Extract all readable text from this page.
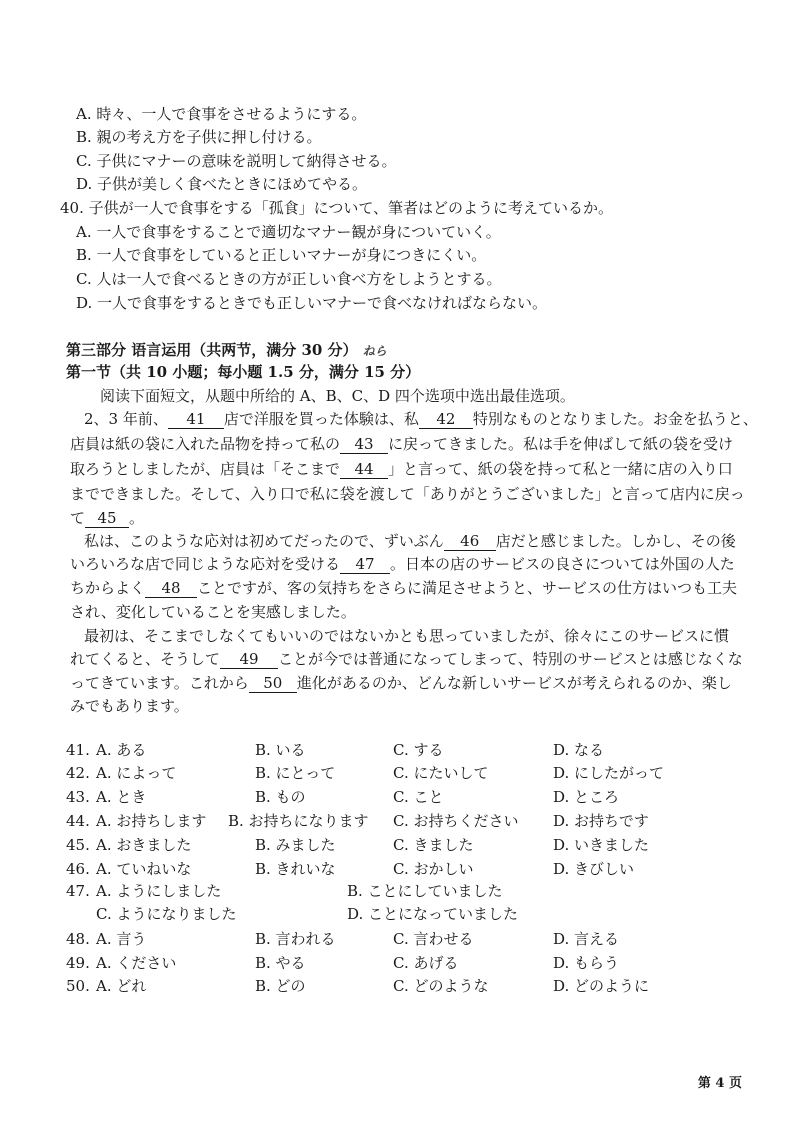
A. 時々、一人で食事をさせるようにする。
B. 親の考え方を子供に押し付ける。
C. 子供にマナーの意味を説明して納得させる。
D. 子供が美しく食べたときにほめてやる。
40. 子供が一人で食事をする「孤食」について、筆者はどのように考えているか。
A. 一人で食事をすることで適切なマナー観が身についていく。
B. 一人で食事をしていると正しいマナーが身につきにくい。
C. 人は一人で食べるときの方が正しい食べ方をしようとする。
D. 一人で食事をするときでも正しいマナーで食べなければならない。
第三部分 语言运用（共两节，满分 30 分） ねら
第一节（共 10 小题；每小题 1.5 分，满分 15 分）
阅读下面短文，从题中所给的 A、B、C、D 四个选项中选出最佳选项。
2、3 年前、 41 店で洋服を買った体験は、私 42 特別なものとなりました。お金を払うと、
店員は紙の袋に入れた品物を持って私の 43 に戻ってきました。私は手を伸ばして紙の袋を受け
取ろうとしましたが、店員は「そこまで 44 」と言って、紙の袋を持って私と一緒に店の入り口
までできました。そして、入り口で私に袋を渡して「ありがとうございました」と言って店内に戻っ
て 45 。
私は、このような応対は初めてだったので、ずいぶん 46 店だと感じました。しかし、その後
いろいろな店で同じような応対を受ける 47 。日本の店のサービスの良さについては外国の人た
ちからよく 48 ことですが、客の気持ちをさらに満足させようと、サービスの仕方はいつも工夫
され、変化していることを実感しました。
最初は、そこまでしなくてもいいのではないかとも思っていましたが、徐々にこのサービスに慣
れてくると、そうして 49 ことが今では普通になってしまって、特別のサービスとは感じなくな
ってきています。これから 50 進化があるのか、どんな新しいサービスが考えられるのか、楽し
みでもあります。
41. A. ある	B. いる	C. する	D. なる
42. A. によって	B. にとって	C. にたいして	D. にしたがって
43. A. とき	B. もの	C. こと	D. ところ
44. A. お持ちします B. お持ちになります C. お持ちください D. お持ちです
45. A. おきました	B. みました	C. きました	D. いきました
46. A. ていねいな	B. きれいな	C. おかしい	D. きびしい
47. A. ようにしました	B. ことにしていました
C. ようになりました	D. ことになっていました
48. A. 言う	B. 言われる	C. 言わせる	D. 言える
49. A. ください	B. やる	C. あげる	D. もらう
50. A. どれ	B. どの	C. どのような	D. どのように
第 4 页
